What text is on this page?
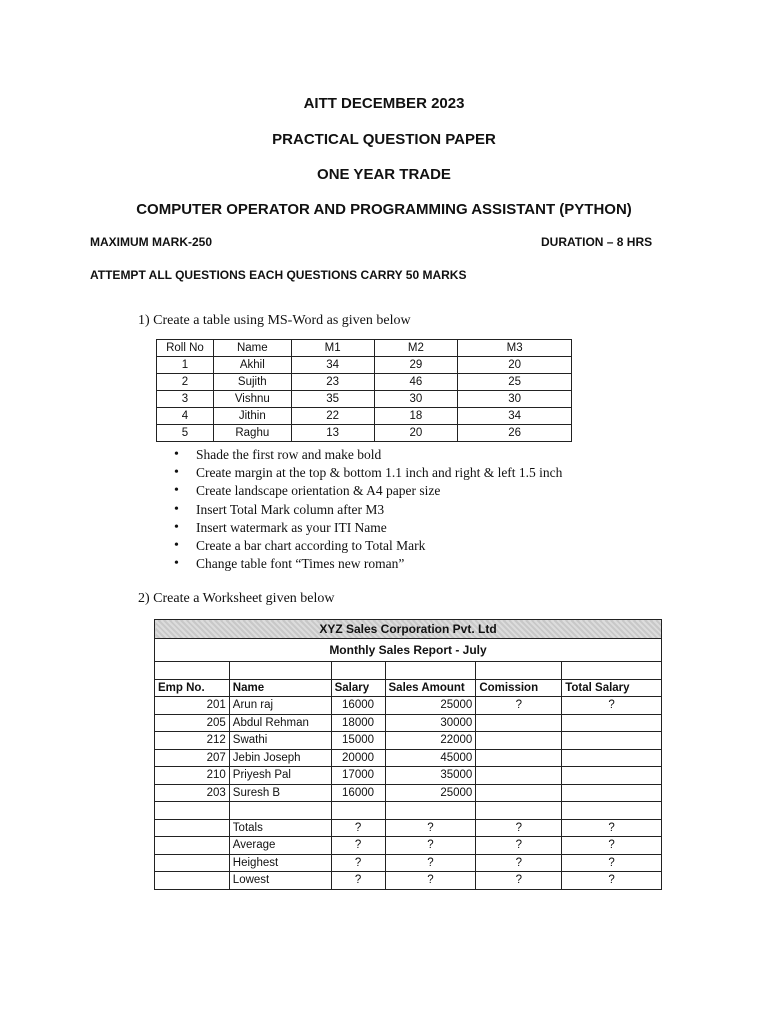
AITT DECEMBER 2023
PRACTICAL QUESTION PAPER
ONE YEAR TRADE
COMPUTER OPERATOR AND PROGRAMMING ASSISTANT (PYTHON)
MAXIMUM MARK-250	DURATION – 8 HRS
ATTEMPT ALL QUESTIONS EACH QUESTIONS CARRY 50 MARKS
1) Create a table using MS-Word as given below
Roll No	Name	M1	M2	M3
1	Akhil	34	29	20
2	Sujith	23	46	25
3	Vishnu	35	30	30
4	Jithin	22	18	34
5	Raghu	13	20	26
• Shade the first row and make bold
• Create margin at the top & bottom 1.1 inch and right & left 1.5 inch
• Create landscape orientation & A4 paper size
• Insert Total Mark column after M3
• Insert watermark as your ITI Name
• Create a bar chart according to Total Mark
• Change table font “Times new roman”
2) Create a Worksheet given below
XYZ Sales Corporation Pvt. Ltd					
Monthly Sales Report - July					

Emp No.	Name	Salary	Sales Amount	Comission	Total Salary
201	Arun raj	16000	25000	?	?
205	Abdul Rehman	18000	30000		
212	Swathi	15000	22000		
207	Jebin Joseph	20000	45000		
210	Priyesh Pal	17000	35000		
203	Suresh B	16000	25000		

	Totals	?	?	?	?
	Average	?	?	?	?
	Heighest	?	?	?	?
	Lowest	?	?	?	?
